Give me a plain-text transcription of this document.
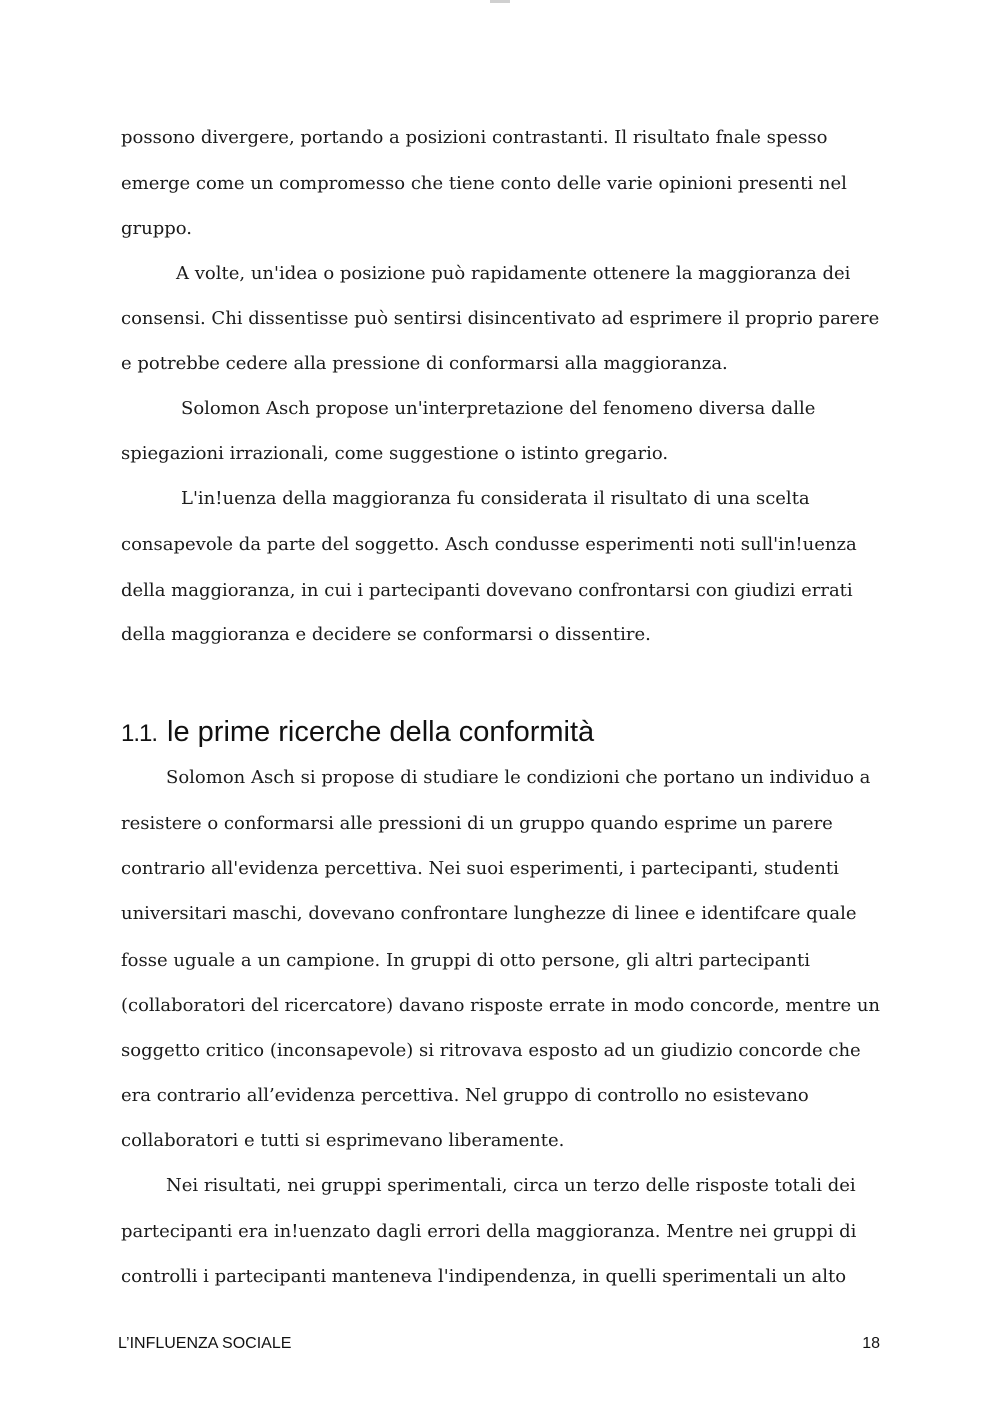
possono divergere, portando a posizioni contrastanti. Il risultato fnale spesso
emerge come un compromesso che tiene conto delle varie opinioni presenti nel
gruppo.
A volte, un'idea o posizione può rapidamente ottenere la maggioranza dei
consensi. Chi dissentisse può sentirsi disincentivato ad esprimere il proprio parere
e potrebbe cedere alla pressione di conformarsi alla maggioranza.
Solomon Asch propose un'interpretazione del fenomeno diversa dalle
spiegazioni irrazionali, come suggestione o istinto gregario.
L'in!uenza della maggioranza fu considerata il risultato di una scelta
consapevole da parte del soggetto. Asch condusse esperimenti noti sull'in!uenza
della maggioranza, in cui i partecipanti dovevano confrontarsi con giudizi errati
della maggioranza e decidere se conformarsi o dissentire.
1.1. le prime ricerche della conformità
Solomon Asch si propose di studiare le condizioni che portano un individuo a
resistere o conformarsi alle pressioni di un gruppo quando esprime un parere
contrario all'evidenza percettiva. Nei suoi esperimenti, i partecipanti, studenti
universitari maschi, dovevano confrontare lunghezze di linee e identifcare quale
fosse uguale a un campione. In gruppi di otto persone, gli altri partecipanti
(collaboratori del ricercatore) davano risposte errate in modo concorde, mentre un
soggetto critico (inconsapevole) si ritrovava esposto ad un giudizio concorde che
era contrario all’evidenza percettiva. Nel gruppo di controllo no esistevano
collaboratori e tutti si esprimevano liberamente.
Nei risultati, nei gruppi sperimentali, circa un terzo delle risposte totali dei
partecipanti era in!uenzato dagli errori della maggioranza. Mentre nei gruppi di
controlli i partecipanti manteneva l'indipendenza, in quelli sperimentali un alto
L’INFLUENZA SOCIALE	18
